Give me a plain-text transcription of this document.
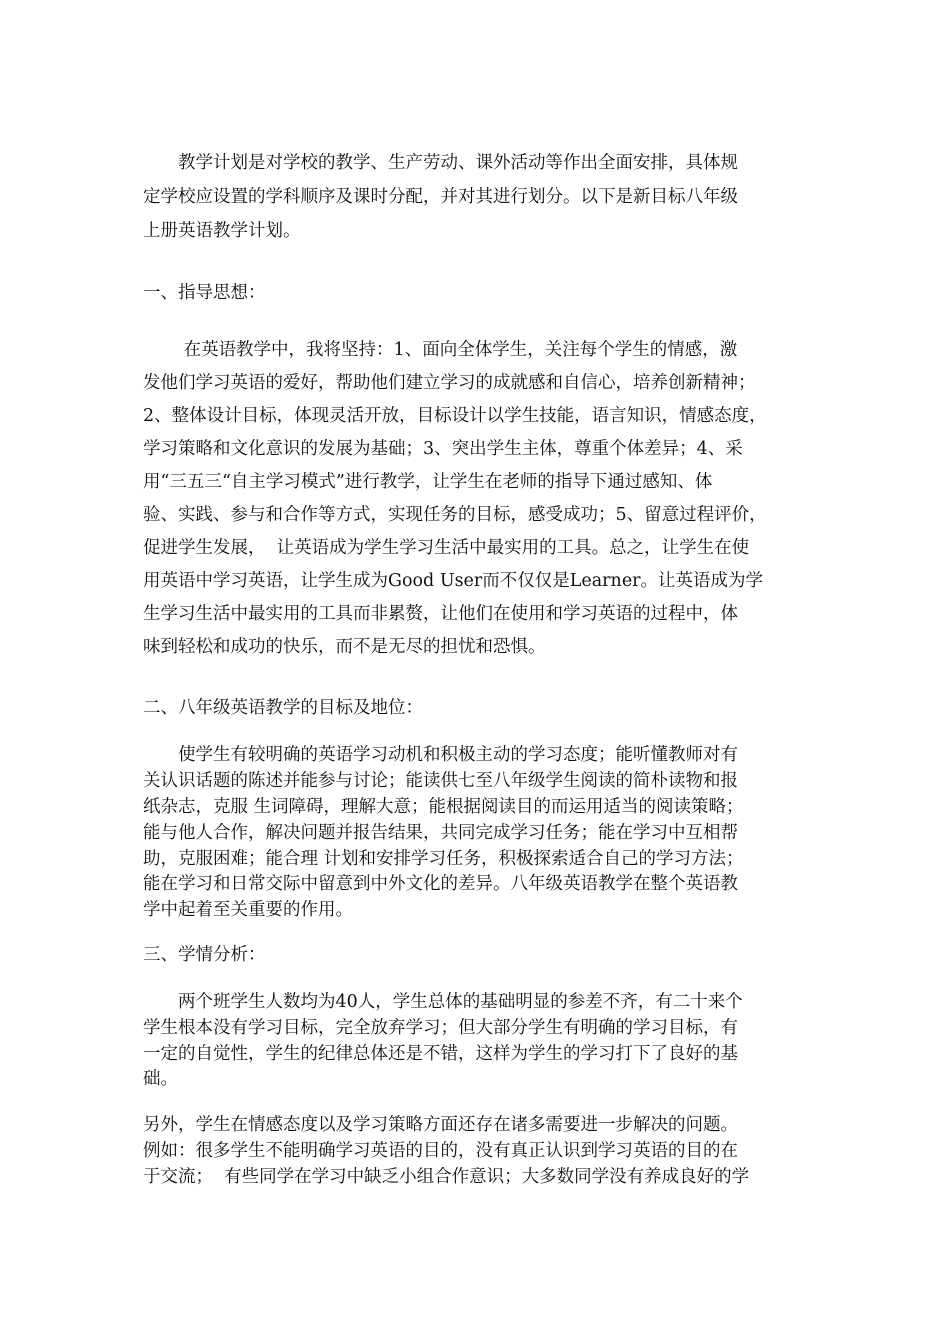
　　教学计划是对学校的教学、生产劳动、课外活动等作出全面安排，具体规

定学校应设置的学科顺序及课时分配，并对其进行划分。以下是新目标八年级

上册英语教学计划。

一、指导思想：

　　 在英语教学中，我将坚持：1、面向全体学生，关注每个学生的情感，激

发他们学习英语的爱好，帮助他们建立学习的成就感和自信心，培养创新精神；

2、整体设计目标，体现灵活开放，目标设计以学生技能，语言知识，情感态度，

学习策略和文化意识的发展为基础；3、突出学生主体，尊重个体差异；4、采

用“三五三“自主学习模式”进行教学，让学生在老师的指导下通过感知、体

验、实践、参与和合作等方式，实现任务的目标，感受成功；5、留意过程评价，

促进学生发展，  让英语成为学生学习生活中最实用的工具。总之，让学生在使

用英语中学习英语，让学生成为Good User而不仅仅是Learner。让英语成为学

生学习生活中最实用的工具而非累赘，让他们在使用和学习英语的过程中，体

味到轻松和成功的快乐，而不是无尽的担忧和恐惧。

二、八年级英语教学的目标及地位：

　　使学生有较明确的英语学习动机和积极主动的学习态度；能听懂教师对有

关认识话题的陈述并能参与讨论；能读供七至八年级学生阅读的简朴读物和报

纸杂志，克服 生词障碍，理解大意；能根据阅读目的而运用适当的阅读策略；

能与他人合作，解决问题并报告结果，共同完成学习任务；能在学习中互相帮

助，克服困难；能合理 计划和安排学习任务，积极探索适合自己的学习方法；

能在学习和日常交际中留意到中外文化的差异。八年级英语教学在整个英语教

学中起着至关重要的作用。

三、学情分析：

　　两个班学生人数均为40人，学生总体的基础明显的参差不齐，有二十来个

学生根本没有学习目标，完全放弃学习；但大部分学生有明确的学习目标，有

一定的自觉性，学生的纪律总体还是不错，这样为学生的学习打下了良好的基

础。

另外，学生在情感态度以及学习策略方面还存在诸多需要进一步解决的问题。

例如：很多学生不能明确学习英语的目的，没有真正认识到学习英语的目的在

于交流；  有些同学在学习中缺乏小组合作意识；大多数同学没有养成良好的学
